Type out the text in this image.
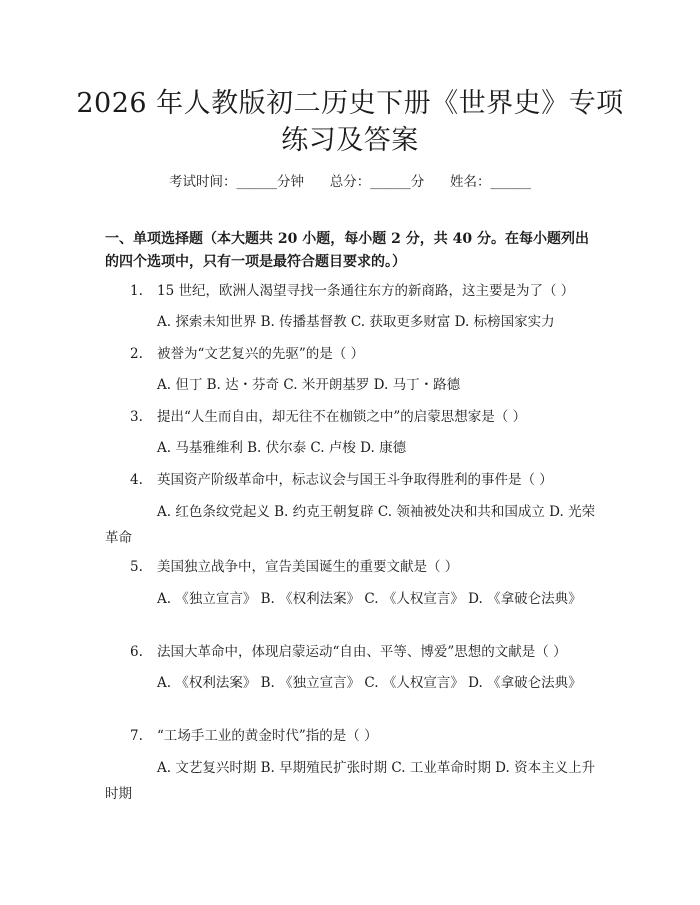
2026 年人教版初二历史下册《世界史》专项
练习及答案
考试时间：______分钟 总分：______分 姓名：______
一、单项选择题（本大题共 20 小题，每小题 2 分，共 40 分。在每小题列出的四个选项中，只有一项是最符合题目要求的。）
1. 15 世纪，欧洲人渴望寻找一条通往东方的新商路，这主要是为了（ ）
A. 探索未知世界 B. 传播基督教 C. 获取更多财富 D. 标榜国家实力
2. 被誉为“文艺复兴的先驱”的是（ ）
A. 但丁 B. 达・芬奇 C. 米开朗基罗 D. 马丁・路德
3. 提出“人生而自由，却无往不在枷锁之中”的启蒙思想家是（ ）
A. 马基雅维利 B. 伏尔泰 C. 卢梭 D. 康德
4. 英国资产阶级革命中，标志议会与国王斗争取得胜利的事件是（ ）
A. 红色条纹党起义 B. 约克王朝复辟 C. 领袖被处决和共和国成立 D. 光荣革命
5. 美国独立战争中，宣告美国诞生的重要文献是（ ）
A. 《独立宣言》 B. 《权利法案》 C. 《人权宣言》 D. 《拿破仑法典》
6. 法国大革命中，体现启蒙运动“自由、平等、博爱”思想的文献是（ ）
A. 《权利法案》 B. 《独立宣言》 C. 《人权宣言》 D. 《拿破仑法典》
7. “工场手工业的黄金时代”指的是（ ）
A. 文艺复兴时期 B. 早期殖民扩张时期 C. 工业革命时期 D. 资本主义上升时期
